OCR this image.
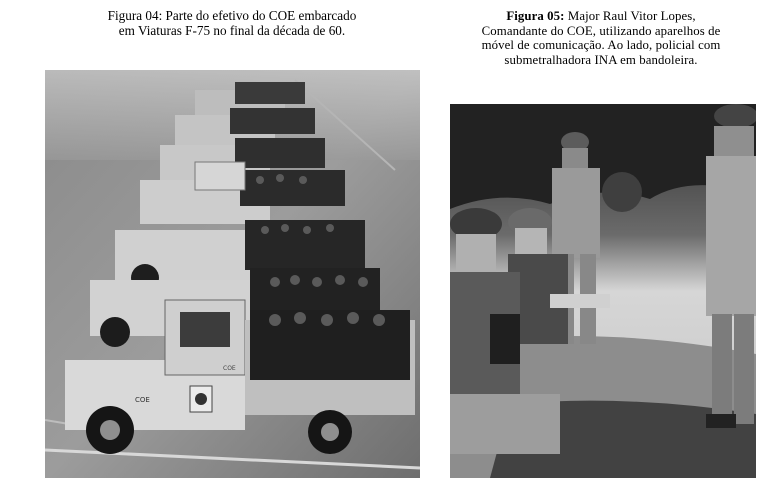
Figura 04: Parte do efetivo do COE embarcado
em Viaturas F-75 no final da década de 60.
Figura 05: Major Raul Vitor Lopes,
Comandante do COE, utilizando aparelhos de
móvel de comunicação. Ao lado, policial com
submetralhadora INA em bandoleira.
COE
COE
